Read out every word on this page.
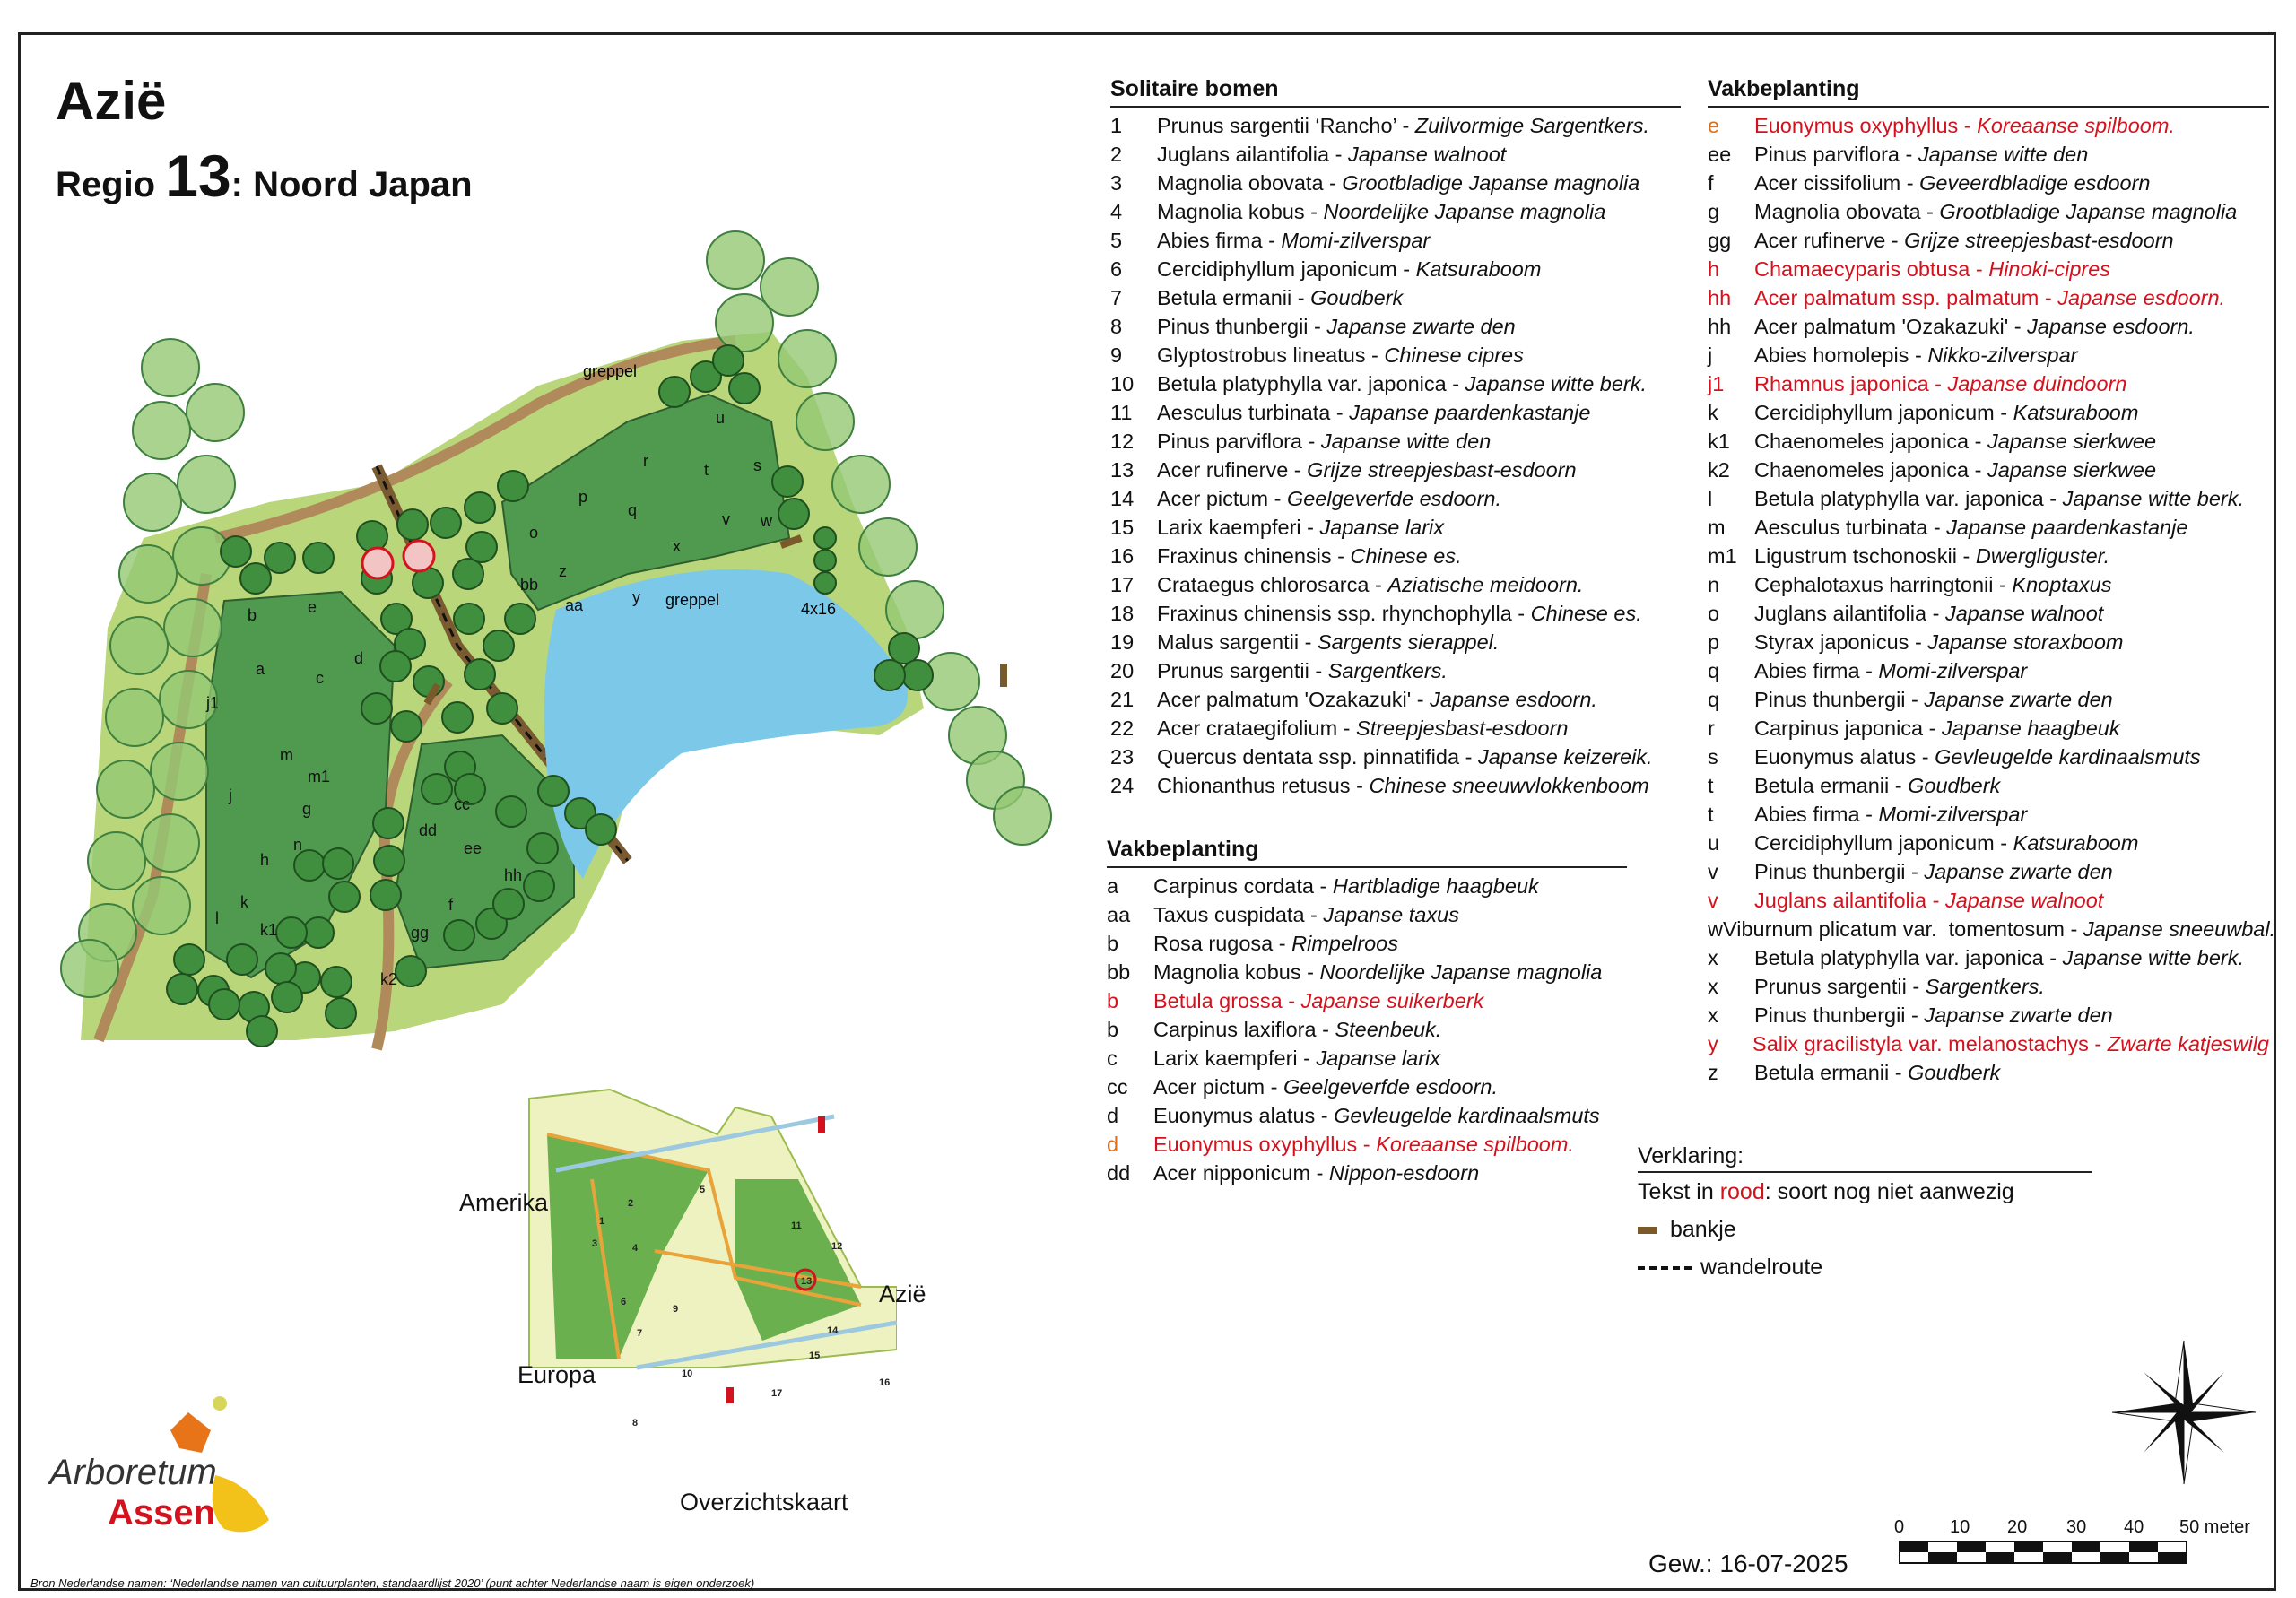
Azië
Regio 13: Noord Japan
greppel
greppel	4x16
a
b
c
d
e
j
j1
m
m1
g
h
n
k
k1
l
k2
cc
dd
ee
f
gg
hh
o
p
q
r	s
t
u
v w
x
y
z
aa
bb
1
2
3	4
5
6
7
8
9
10
11
12
13
14
15
16
17
Amerika
Europa
Azië
Overzichtskaart
Solitaire bomen
1	Prunus sargentii ‘Rancho’ - Zuilvormige Sargentkers.
2	Juglans ailantifolia - Japanse walnoot
3	Magnolia obovata - Grootbladige Japanse magnolia
4	Magnolia kobus - Noordelijke Japanse magnolia
5	Abies firma - Momi-zilverspar
6	Cercidiphyllum japonicum - Katsuraboom
7	Betula ermanii - Goudberk
8	Pinus thunbergii - Japanse zwarte den
9	Glyptostrobus lineatus - Chinese cipres
10	Betula platyphylla var. japonica - Japanse witte berk.
11	Aesculus turbinata - Japanse paardenkastanje
12	Pinus parviflora - Japanse witte den
13	Acer rufinerve - Grijze streepjesbast-esdoorn
14	Acer pictum - Geelgeverfde esdoorn.
15	Larix kaempferi - Japanse larix
16	Fraxinus chinensis - Chinese es.
17	Crataegus chlorosarca - Aziatische meidoorn.
18	Fraxinus chinensis ssp. rhynchophylla - Chinese es.
19	Malus sargentii - Sargents sierappel.
20	Prunus sargentii - Sargentkers.
21	Acer palmatum 'Ozakazuki' - Japanse esdoorn.
22	Acer crataegifolium - Streepjesbast-esdoorn
23	Quercus dentata ssp. pinnatifida - Japanse keizereik.
24	Chionanthus retusus - Chinese sneeuwvlokkenboom
Vakbeplanting
a	Carpinus cordata - Hartbladige haagbeuk
aa	Taxus cuspidata - Japanse taxus
b	Rosa rugosa - Rimpelroos
bb	Magnolia kobus - Noordelijke Japanse magnolia
b	Betula grossa - Japanse suikerberk
b	Carpinus laxiflora - Steenbeuk.
c	Larix kaempferi - Japanse larix
cc	Acer pictum - Geelgeverfde esdoorn.
d	Euonymus alatus - Gevleugelde kardinaalsmuts
d	Euonymus oxyphyllus - Koreaanse spilboom.
dd	Acer nipponicum - Nippon-esdoorn
Vakbeplanting
e	Euonymus oxyphyllus - Koreaanse spilboom.
ee	Pinus parviflora - Japanse witte den
f	Acer cissifolium - Geveerdbladige esdoorn
g	Magnolia obovata - Grootbladige Japanse magnolia
gg	Acer rufinerve - Grijze streepjesbast-esdoorn
h	Chamaecyparis obtusa - Hinoki-cipres
hh	Acer palmatum ssp. palmatum - Japanse esdoorn.
hh	Acer palmatum 'Ozakazuki' - Japanse esdoorn.
j	Abies homolepis - Nikko-zilverspar
j1	Rhamnus japonica - Japanse duindoorn
k	Cercidiphyllum japonicum - Katsuraboom
k1	Chaenomeles japonica - Japanse sierkwee
k2	Chaenomeles japonica - Japanse sierkwee
l	Betula platyphylla var. japonica - Japanse witte berk.
m	Aesculus turbinata - Japanse paardenkastanje
m1 Ligustrum tschonoskii - Dwergliguster.
n	Cephalotaxus harringtonii - Knoptaxus
o	Juglans ailantifolia - Japanse walnoot
p	Styrax japonicus - Japanse storaxboom
q	Abies firma - Momi-zilverspar
q	Pinus thunbergii - Japanse zwarte den
r	Carpinus japonica - Japanse haagbeuk
s	Euonymus alatus - Gevleugelde kardinaalsmuts
t	Betula ermanii - Goudberk
t	Abies firma - Momi-zilverspar
u	Cercidiphyllum japonicum - Katsuraboom
v	Pinus thunbergii - Japanse zwarte den
v	Juglans ailantifolia - Japanse walnoot
w Viburnum plicatum var.  tomentosum - Japanse sneeuwbal.
x	Betula platyphylla var. japonica - Japanse witte berk.
x	Prunus sargentii - Sargentkers.
x	Pinus thunbergii - Japanse zwarte den
y	Salix gracilistyla var. melanostachys - Zwarte katjeswilg
z	Betula ermanii - Goudberk
Verklaring:
Tekst in rood: soort nog niet aanwezig
bankje
wandelroute
0	10 20 30 40 50 meter
Arboretum
Assen
Gew.: 16-07-2025
Bron Nederlandse namen: ‘Nederlandse namen van cultuurplanten, standaardlijst 2020’ (punt achter Nederlandse naam is eigen onderzoek)
